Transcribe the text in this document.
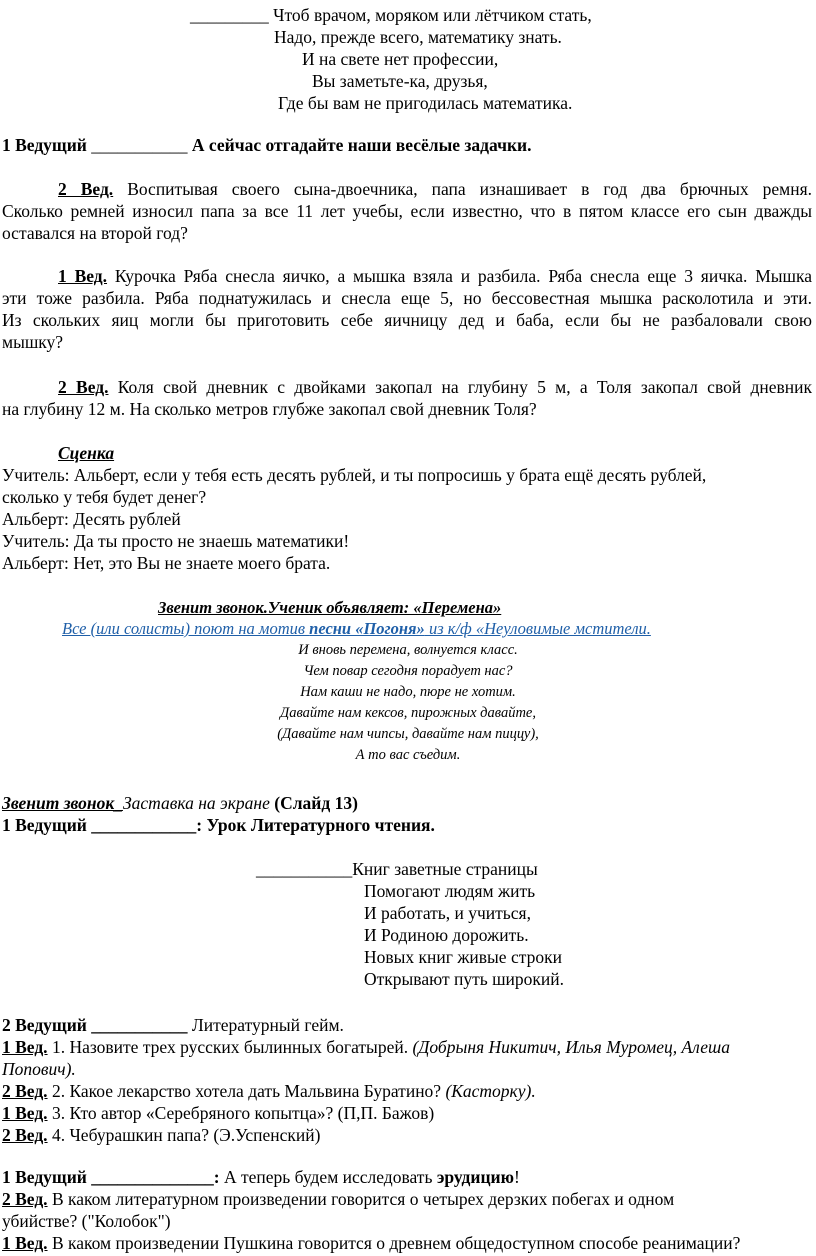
_________ Чтоб врачом, моряком или лётчиком стать,
Надо, прежде всего, математику знать.
И на свете нет профессии,
Вы заметьте-ка, друзья,
Где бы вам не пригодилась математика.
1 Ведущий ___________ А сейчас отгадайте наши весёлые задачки.
2 Вед. Воспитывая своего сына-двоечника, папа изнашивает в год два брючных ремня.
Сколько ремней износил папа за все 11 лет учебы, если известно, что в пятом классе его сын дважды
оставался на второй год?
1 Вед. Курочка Ряба снесла яичко, а мышка взяла и разбила. Ряба снесла еще 3 яичка. Мышка
эти тоже разбила. Ряба поднатужилась и снесла еще 5, но бессовестная мышка расколотила и эти.
Из скольких яиц могли бы приготовить себе яичницу дед и баба, если бы не разбаловали свою
мышку?
2 Вед. Коля свой дневник с двойками закопал на глубину 5 м, а Толя закопал свой дневник
на глубину 12 м. На сколько метров глубже закопал свой дневник Толя?
Сценка
Учитель: Альберт, если у тебя есть десять рублей, и ты попросишь у брата ещё десять рублей,
сколько у тебя будет денег?
Альберт: Десять рублей
Учитель: Да ты просто не знаешь математики!
Альберт: Нет, это Вы не знаете моего брата.
Звенит звонок.Ученик объявляет: «Перемена»
Все (или солисты) поют на мотив песни «Погоня» из к/ф «Неуловимые мстители.
И вновь перемена, волнуется класс.
Чем повар сегодня порадует нас?
Нам каши не надо, пюре не хотим.
Давайте нам кексов, пирожных давайте,
(Давайте нам чипсы, давайте нам пиццу),
А то вас съедим.
Звенит звонок_Заставка на экране (Слайд 13)
1 Ведущий ____________: Урок Литературного чтения.
___________Книг заветные страницы
Помогают людям жить
И работать, и учиться,
И Родиною дорожить.
Новых книг живые строки
Открывают путь широкий.
2 Ведущий ___________ Литературный гейм.
1 Вед. 1. Назовите трех русских былинных богатырей. (Добрыня Никитич, Илья Муромец, Алеша
Попович).
2 Вед. 2. Какое лекарство хотела дать Мальвина Буратино? (Касторку).
1 Вед. 3. Кто автор «Серебряного копытца»? (П,П. Бажов)
2 Вед. 4. Чебурашкин папа? (Э.Успенский)
1 Ведущий ______________: А теперь будем исследовать эрудицию!
2 Вед. В каком литературном произведении говорится о четырех дерзких побегах и одном
убийстве? ("Колобок")
1 Вед. В каком произведении Пушкина говорится о древнем общедоступном способе реанимации?
